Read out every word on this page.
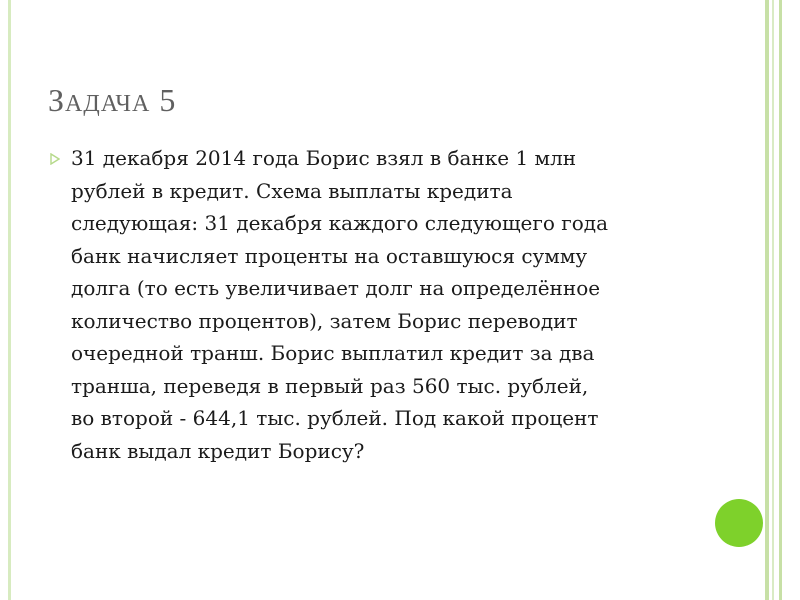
ЗАДАЧА 5

31 декабря 2014 года Борис взял в банке 1 млн
рублей в кредит. Схема выплаты кредита
следующая: 31 декабря каждого следующего года
банк начисляет проценты на оставшуюся сумму
долга (то есть увеличивает долг на определённое
количество процентов), затем Борис переводит
очередной транш. Борис выплатил кредит за два
транша, переведя в первый раз 560 тыс. рублей,
во второй - 644,1 тыс. рублей. Под какой процент
банк выдал кредит Борису?
